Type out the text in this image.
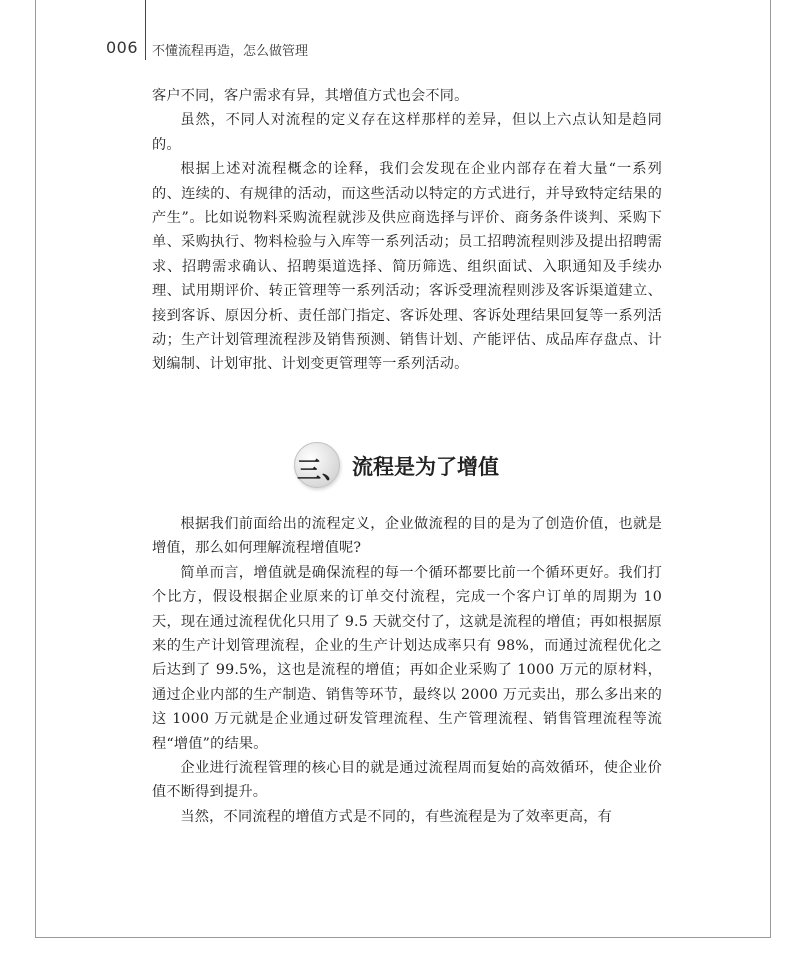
006 不懂流程再造，怎么做管理

客户不同，客户需求有异，其增值方式也会不同。

虽然，不同人对流程的定义存在这样那样的差异，但以上六点认知是趋同的。

根据上述对流程概念的诠释，我们会发现在企业内部存在着大量“一系列的、连续的、有规律的活动，而这些活动以特定的方式进行，并导致特定结果的产生”。比如说物料采购流程就涉及供应商选择与评价、商务条件谈判、采购下单、采购执行、物料检验与入库等一系列活动；员工招聘流程则涉及提出招聘需求、招聘需求确认、招聘渠道选择、简历筛选、组织面试、入职通知及手续办理、试用期评价、转正管理等一系列活动；客诉受理流程则涉及客诉渠道建立、接到客诉、原因分析、责任部门指定、客诉处理、客诉处理结果回复等一系列活动；生产计划管理流程涉及销售预测、销售计划、产能评估、成品库存盘点、计划编制、计划审批、计划变更管理等一系列活动。

三、 流程是为了增值

根据我们前面给出的流程定义，企业做流程的目的是为了创造价值，也就是增值，那么如何理解流程增值呢?

简单而言，增值就是确保流程的每一个循环都要比前一个循环更好。我们打个比方，假设根据企业原来的订单交付流程，完成一个客户订单的周期为 10 天，现在通过流程优化只用了 9.5 天就交付了，这就是流程的增值；再如根据原来的生产计划管理流程，企业的生产计划达成率只有 98%，而通过流程优化之后达到了 99.5%，这也是流程的增值；再如企业采购了 1000 万元的原材料，通过企业内部的生产制造、销售等环节，最终以 2000 万元卖出，那么多出来的这 1000 万元就是企业通过研发管理流程、生产管理流程、销售管理流程等流程“增值”的结果。

企业进行流程管理的核心目的就是通过流程周而复始的高效循环，使企业价值不断得到提升。

当然，不同流程的增值方式是不同的，有些流程是为了效率更高，有
